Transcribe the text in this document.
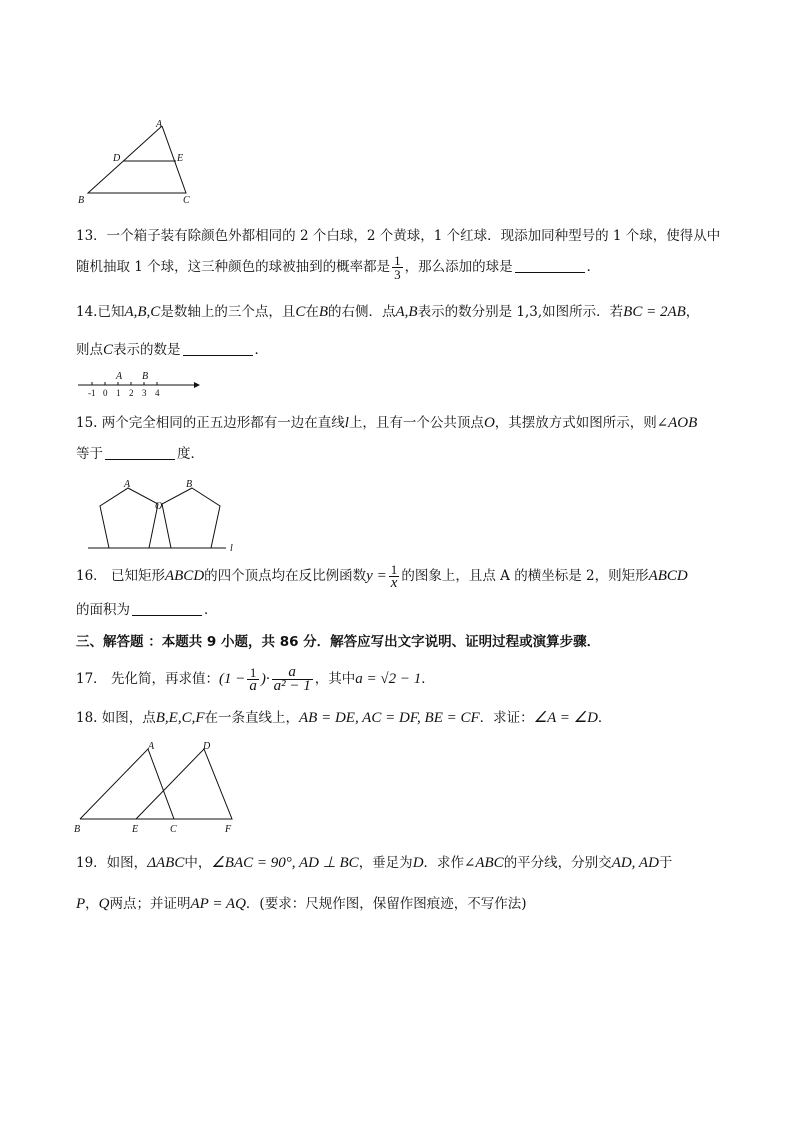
A
D	E
B	C
13．一个箱子装有除颜色外都相同的 2 个白球，2 个黄球，1 个红球．现添加同种型号的 1 个球，使得从中
随机抽取 1 个球，这三种颜色的球被抽到的概率都是 $\frac{1}{3}$ ，那么添加的球是	．
14.已知A,B,C是数轴上的三个点，且C在B的右侧．点A,B表示的数分别是 1,3,如图所示．若BC = 2AB，
则点C表示的数是	．
A B
-1 0 1 2 3 4
15. 两个完全相同的正五边形都有一边在直线l上，且有一个公共顶点O，其摆放方式如图所示，则∠AOB
等于	度．
A
O
B
l
16． 已知矩形ABCD的四个顶点均在反比例函数$y = \frac{1}{x}$ 的图象上，且点 A 的横坐标是 2，则矩形ABCD
的面积为	．
三、解答题 ：本题共 9 小题，共 86 分．解答应写出文字说明、证明过程或演算步骤．
17． 先化简，再求值：($1 - \frac{1}{a}$ )· $\frac{a}{\text{a² − 1}}$ ，其中a = √2 − 1．
18. 如图，点B,E,C,F在一条直线上，AB = DE, AC = DF, BE = CF．求证：∠A = ∠D．
A	D
B	E	C	F
19．如图，ΔABC中，∠BAC = 90°, AD ⊥ BC，垂足为D．求作∠ABC的平分线，分别交AD, AD于
P，Q两点；并证明AP = AQ．(要求：尺规作图，保留作图痕迹，不写作法)
